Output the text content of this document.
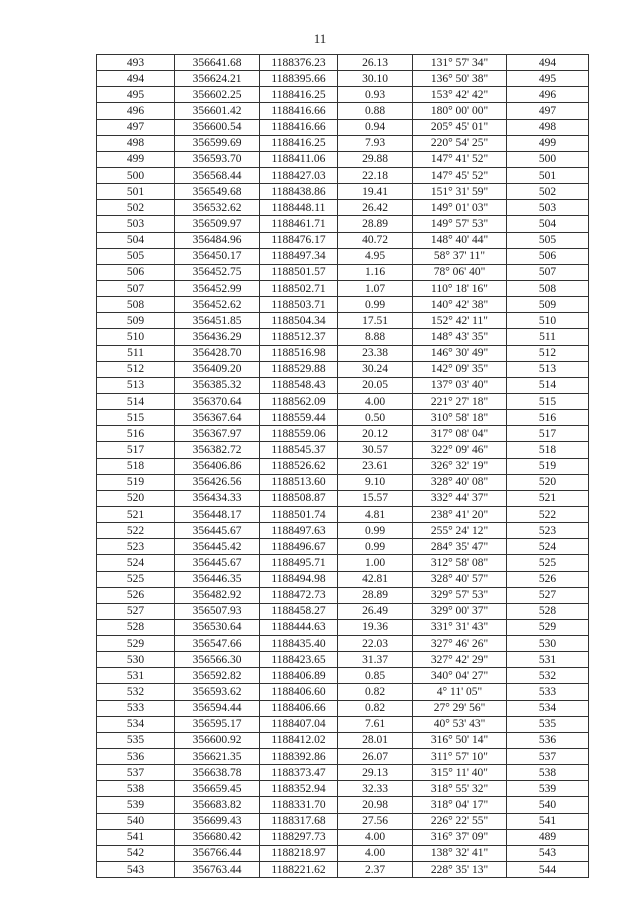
11
493	356641.68	1188376.23	26.13	131° 57' 34"	494
494	356624.21	1188395.66	30.10	136° 50' 38"	495
495	356602.25	1188416.25	0.93	153° 42' 42"	496
496	356601.42	1188416.66	0.88	180° 00' 00"	497
497	356600.54	1188416.66	0.94	205° 45' 01"	498
498	356599.69	1188416.25	7.93	220° 54' 25"	499
499	356593.70	1188411.06	29.88	147° 41' 52"	500
500	356568.44	1188427.03	22.18	147° 45' 52"	501
501	356549.68	1188438.86	19.41	151° 31' 59"	502
502	356532.62	1188448.11	26.42	149° 01' 03"	503
503	356509.97	1188461.71	28.89	149° 57' 53"	504
504	356484.96	1188476.17	40.72	148° 40' 44"	505
505	356450.17	1188497.34	4.95	58° 37' 11"	506
506	356452.75	1188501.57	1.16	78° 06' 40"	507
507	356452.99	1188502.71	1.07	110° 18' 16"	508
508	356452.62	1188503.71	0.99	140° 42' 38"	509
509	356451.85	1188504.34	17.51	152° 42' 11"	510
510	356436.29	1188512.37	8.88	148° 43' 35"	511
511	356428.70	1188516.98	23.38	146° 30' 49"	512
512	356409.20	1188529.88	30.24	142° 09' 35"	513
513	356385.32	1188548.43	20.05	137° 03' 40"	514
514	356370.64	1188562.09	4.00	221° 27' 18"	515
515	356367.64	1188559.44	0.50	310° 58' 18"	516
516	356367.97	1188559.06	20.12	317° 08' 04"	517
517	356382.72	1188545.37	30.57	322° 09' 46"	518
518	356406.86	1188526.62	23.61	326° 32' 19"	519
519	356426.56	1188513.60	9.10	328° 40' 08"	520
520	356434.33	1188508.87	15.57	332° 44' 37"	521
521	356448.17	1188501.74	4.81	238° 41' 20"	522
522	356445.67	1188497.63	0.99	255° 24' 12"	523
523	356445.42	1188496.67	0.99	284° 35' 47"	524
524	356445.67	1188495.71	1.00	312° 58' 08"	525
525	356446.35	1188494.98	42.81	328° 40' 57"	526
526	356482.92	1188472.73	28.89	329° 57' 53"	527
527	356507.93	1188458.27	26.49	329° 00' 37"	528
528	356530.64	1188444.63	19.36	331° 31' 43"	529
529	356547.66	1188435.40	22.03	327° 46' 26"	530
530	356566.30	1188423.65	31.37	327° 42' 29"	531
531	356592.82	1188406.89	0.85	340° 04' 27"	532
532	356593.62	1188406.60	0.82	4° 11' 05"	533
533	356594.44	1188406.66	0.82	27° 29' 56"	534
534	356595.17	1188407.04	7.61	40° 53' 43"	535
535	356600.92	1188412.02	28.01	316° 50' 14"	536
536	356621.35	1188392.86	26.07	311° 57' 10"	537
537	356638.78	1188373.47	29.13	315° 11' 40"	538
538	356659.45	1188352.94	32.33	318° 55' 32"	539
539	356683.82	1188331.70	20.98	318° 04' 17"	540
540	356699.43	1188317.68	27.56	226° 22' 55"	541
541	356680.42	1188297.73	4.00	316° 37' 09"	489
542	356766.44	1188218.97	4.00	138° 32' 41"	543
543	356763.44	1188221.62	2.37	228° 35' 13"	544
